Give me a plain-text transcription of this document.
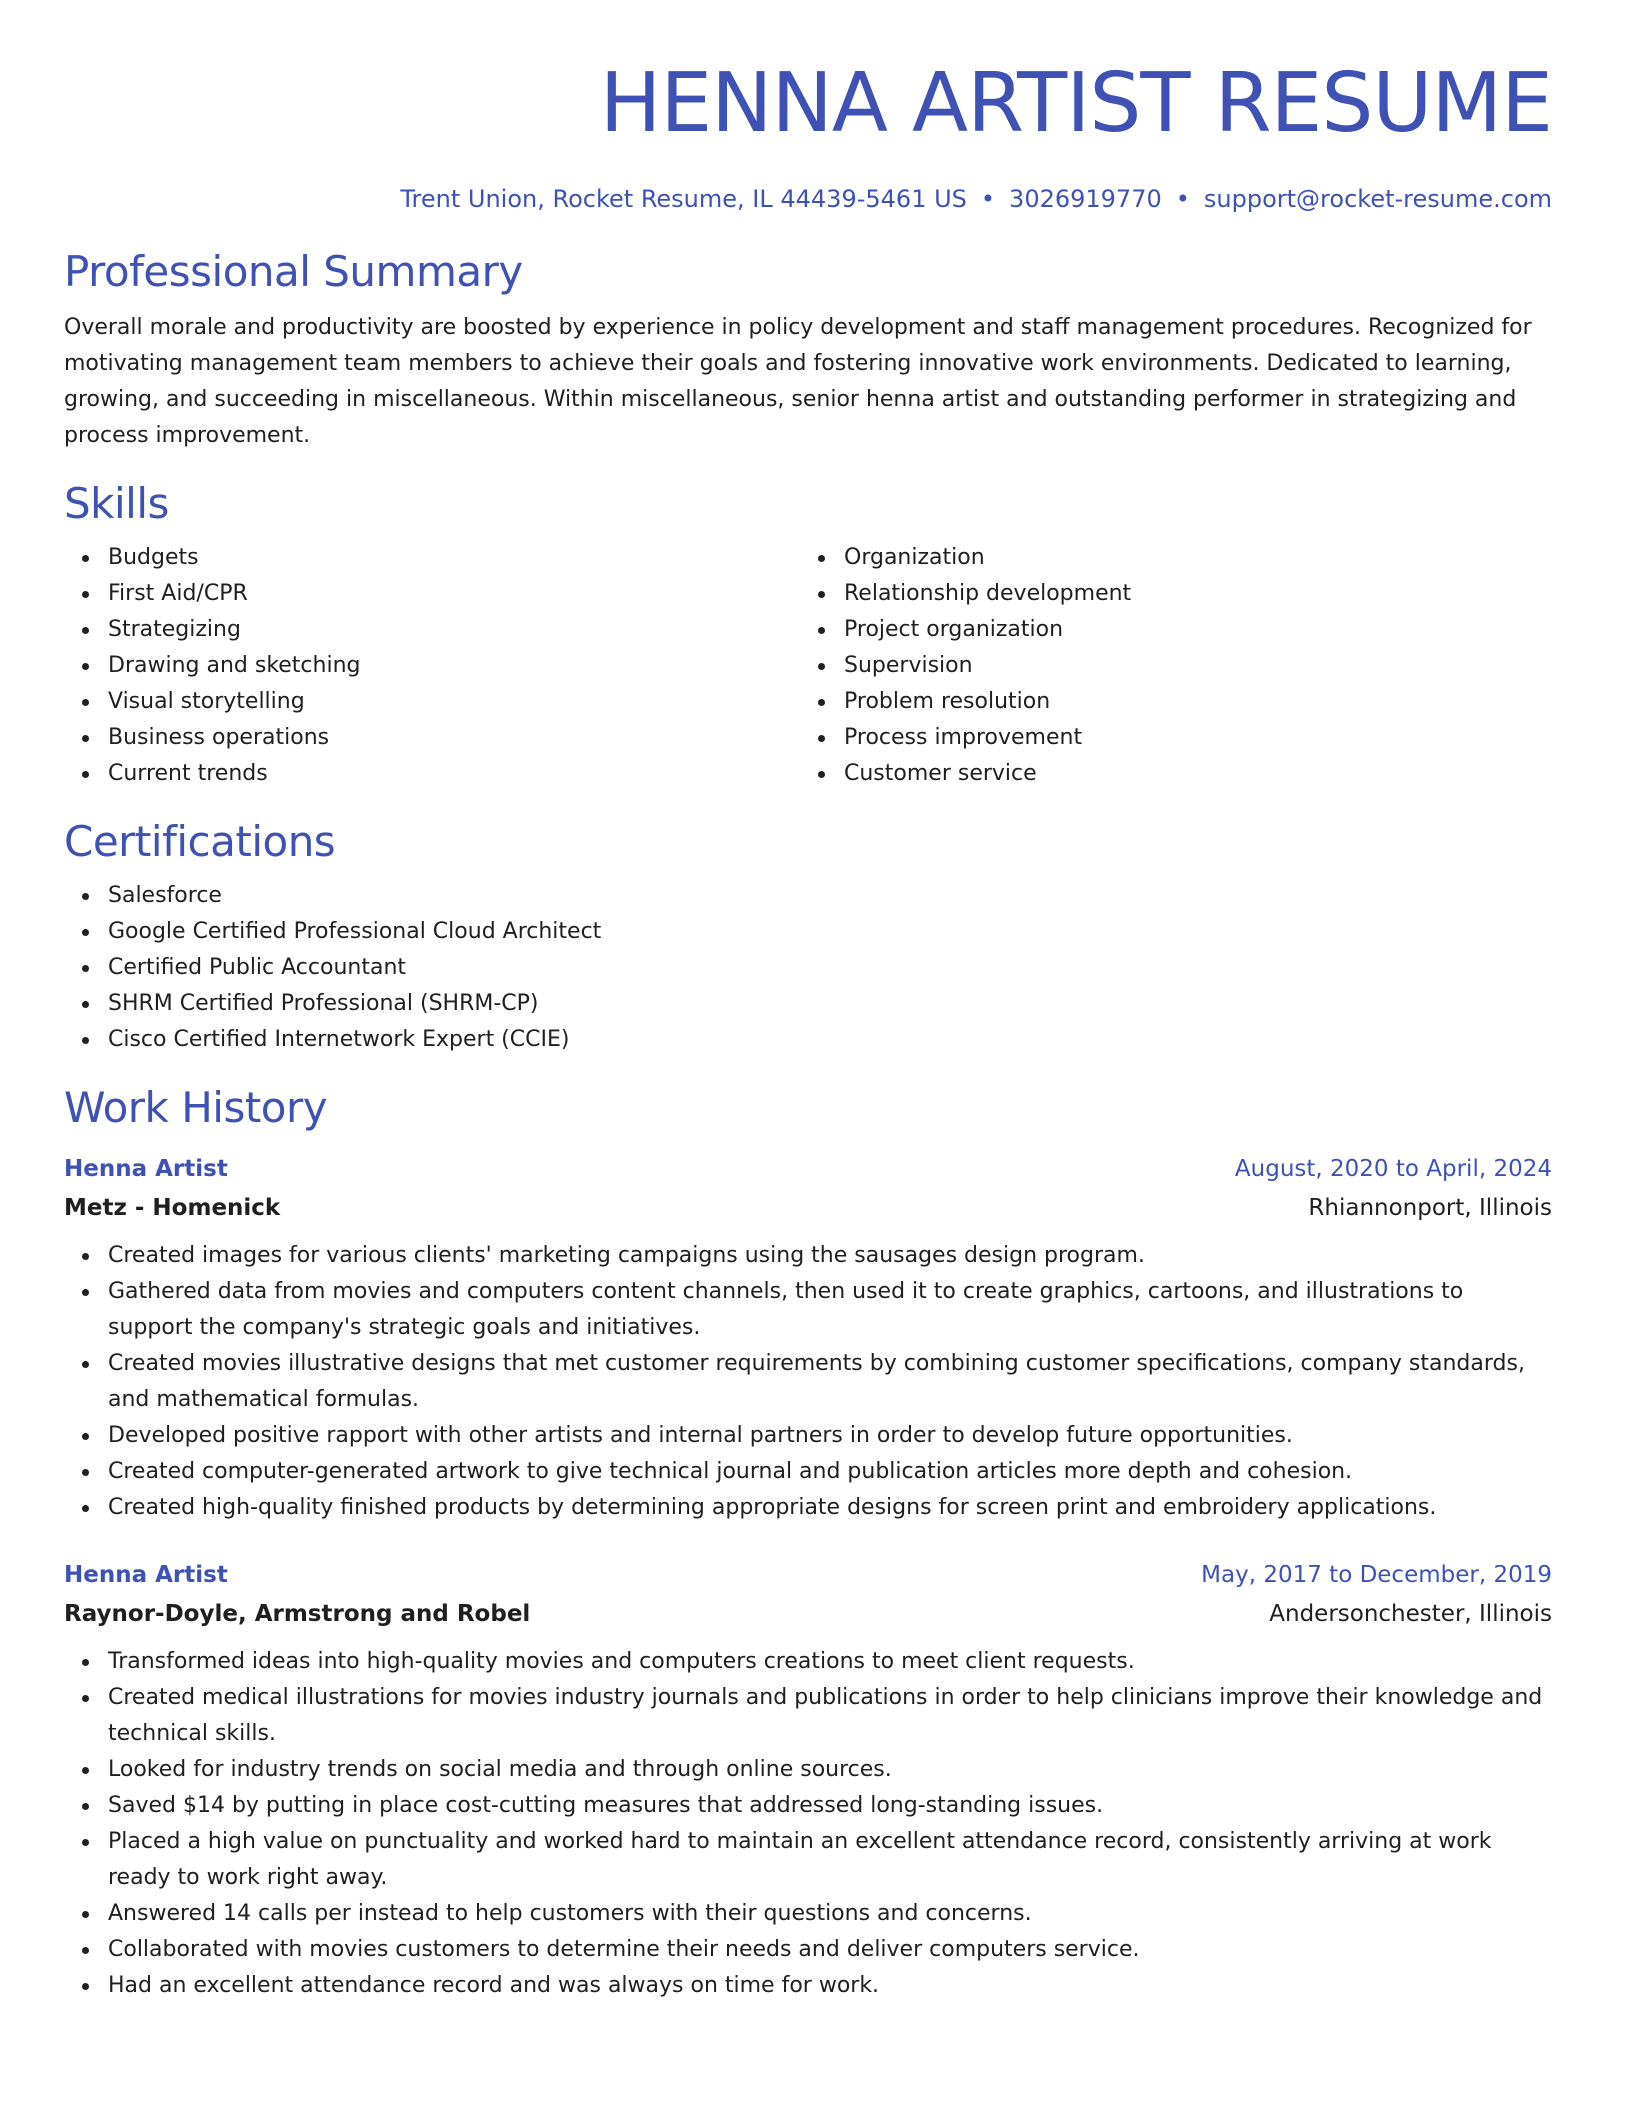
HENNA ARTIST RESUME
Trent Union, Rocket Resume, IL 44439-5461 US • 3026919770 • support@rocket-resume.com
Professional Summary

Overall morale and productivity are boosted by experience in policy development and staff management procedures. Recognized for motivating management team members to achieve their goals and fostering innovative work environments. Dedicated to learning, growing, and succeeding in miscellaneous. Within miscellaneous, senior henna artist and outstanding performer in strategizing and process improvement.

Skills
Budgets
First Aid/CPR
Strategizing
Drawing and sketching
Visual storytelling
Business operations
Current trends
Organization
Relationship development
Project organization
Supervision
Problem resolution
Process improvement
Customer service
Certifications
Salesforce
Google Certified Professional Cloud Architect
Certified Public Accountant
SHRM Certified Professional (SHRM-CP)
Cisco Certified Internetwork Expert (CCIE)
Work History
Henna Artist	August, 2020 to April, 2024
Metz - Homenick	Rhiannonport, Illinois
Created images for various clients' marketing campaigns using the sausages design program.
Gathered data from movies and computers content channels, then used it to create graphics, cartoons, and illustrations to support the company's strategic goals and initiatives.
Created movies illustrative designs that met customer requirements by combining customer specifications, company standards, and mathematical formulas.
Developed positive rapport with other artists and internal partners in order to develop future opportunities.
Created computer-generated artwork to give technical journal and publication articles more depth and cohesion.
Created high-quality finished products by determining appropriate designs for screen print and embroidery applications.
Henna Artist	May, 2017 to December, 2019
Raynor-Doyle, Armstrong and Robel	Andersonchester, Illinois
Transformed ideas into high-quality movies and computers creations to meet client requests.
Created medical illustrations for movies industry journals and publications in order to help clinicians improve their knowledge and technical skills.
Looked for industry trends on social media and through online sources.
Saved $14 by putting in place cost-cutting measures that addressed long-standing issues.
Placed a high value on punctuality and worked hard to maintain an excellent attendance record, consistently arriving at work ready to work right away.
Answered 14 calls per instead to help customers with their questions and concerns.
Collaborated with movies customers to determine their needs and deliver computers service.
Had an excellent attendance record and was always on time for work.
